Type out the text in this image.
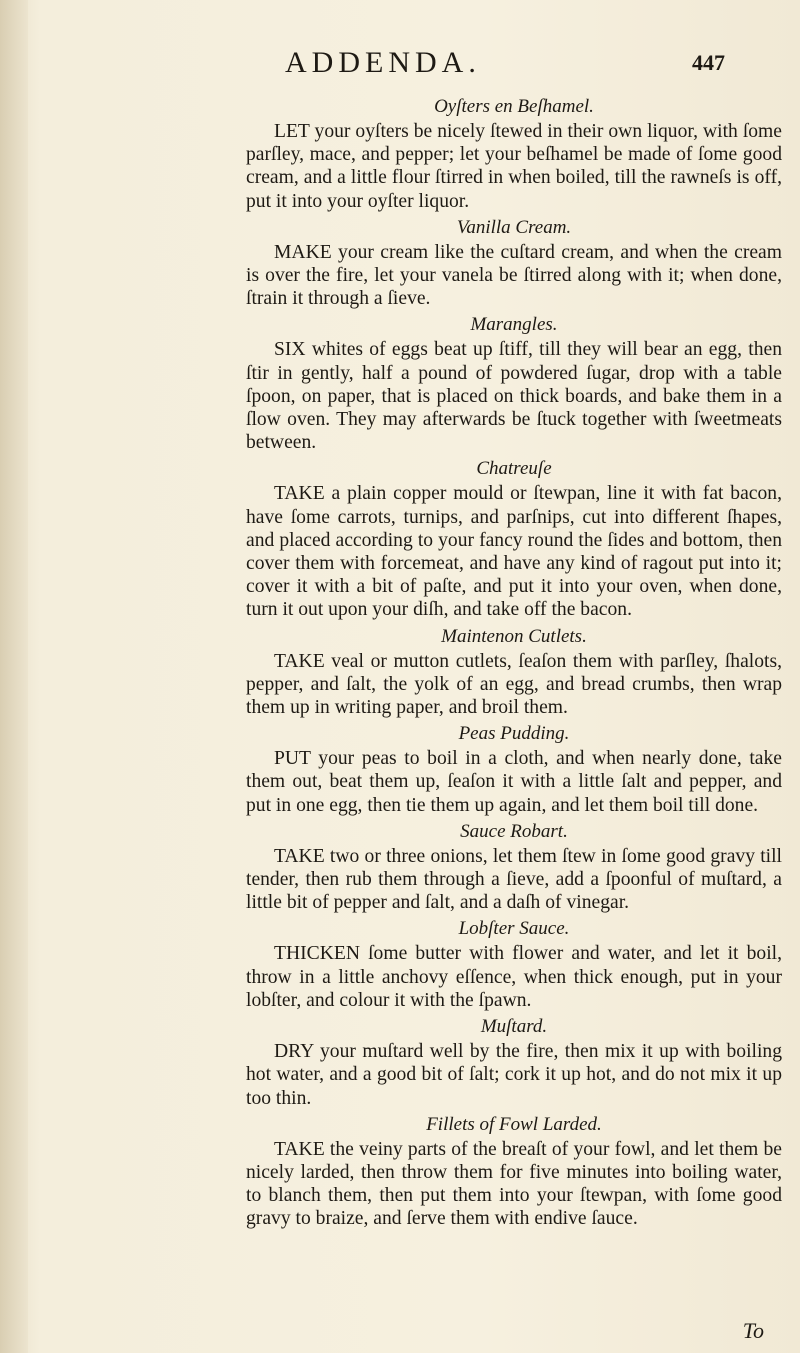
ADDENDA.	447

Oyſters en Beſhamel.

LET your oyſters be nicely ſtewed in their own liquor, with ſome parſley, mace, and pepper; let your beſhamel be made of ſome good cream, and a little flour ſtirred in when boiled, till the rawneſs is off, put it into your oyſter liquor.

Vanilla Cream.

MAKE your cream like the cuſtard cream, and when the cream is over the fire, let your vanela be ſtirred along with it; when done, ſtrain it through a ſieve.

Marangles.

SIX whites of eggs beat up ſtiff, till they will bear an egg, then ſtir in gently, half a pound of powdered ſugar, drop with a table ſpoon, on paper, that is placed on thick boards, and bake them in a ſlow oven. They may afterwards be ſtuck together with ſweetmeats between.

Chatreuſe

TAKE a plain copper mould or ſtewpan, line it with fat bacon, have ſome carrots, turnips, and parſnips, cut into different ſhapes, and placed according to your fancy round the ſides and bottom, then cover them with forcemeat, and have any kind of ragout put into it; cover it with a bit of paſte, and put it into your oven, when done, turn it out upon your diſh, and take off the bacon.

Maintenon Cutlets.

TAKE veal or mutton cutlets, ſeaſon them with parſley, ſhalots, pepper, and ſalt, the yolk of an egg, and bread crumbs, then wrap them up in writing paper, and broil them.

Peas Pudding.

PUT your peas to boil in a cloth, and when nearly done, take them out, beat them up, ſeaſon it with a little ſalt and pepper, and put in one egg, then tie them up again, and let them boil till done.

Sauce Robart.

TAKE two or three onions, let them ſtew in ſome good gravy till tender, then rub them through a ſieve, add a ſpoonful of muſtard, a little bit of pepper and ſalt, and a daſh of vinegar.

Lobſter Sauce.

THICKEN ſome butter with flower and water, and let it boil, throw in a little anchovy eſſence, when thick enough, put in your lobſter, and colour it with the ſpawn.

Muſtard.

DRY your muſtard well by the fire, then mix it up with boiling hot water, and a good bit of ſalt; cork it up hot, and do not mix it up too thin.

Fillets of Fowl Larded.

TAKE the veiny parts of the breaſt of your fowl, and let them be nicely larded, then throw them for five minutes into boiling water, to blanch them, then put them into your ſtewpan, with ſome good gravy to braize, and ſerve them with endive ſauce.

To
